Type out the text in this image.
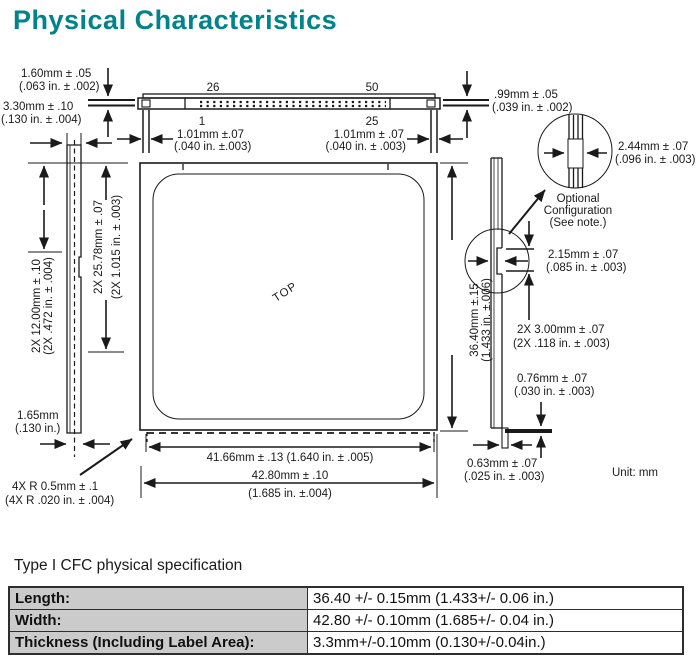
Physical Characteristics
26	50
1	25
1.60mm ± .05
(.063 in. ± .002)
.99mm ± .05
(.039 in. ± .002)
1.01mm ±.07
(.040 in. ±.003)
1.01mm ± .07
(.040 in. ± .003)
3.30mm ± .10
(.130 in. ± .004)
2X 12.00mm ± .10 (2X .472 in. ± .004)
2X 25.78mm ± .07 (2X 1.015 in. ± .003)	TOP	36.40mm ±.15 (1.433 in. ±.006)
41.66mm ± .13 (1.640 in. ± .005)
42.80mm ± .10
(1.685 in. ±.004)
1.65mm
(.130 in.)
4X R 0.5mm ± .1
(4X R .020 in. ± .004)
2.15mm ± .07
(.085 in. ± .003)
2X 3.00mm ± .07
(2X .118 in. ± .003)
2.44mm ± .07
(.096 in. ± .003)
Optional
Configuration
(See note.)
0.76mm ± .07
(.030 in. ± .003)
0.63mm ± .07
(.025 in. ± .003)	Unit: mm
Type I CFC physical specification
Length:	36.40 +/- 0.15mm (1.433+/- 0.06 in.)
Width:	42.80 +/- 0.10mm (1.685+/- 0.04 in.)
Thickness (Including Label Area):	3.3mm+/-0.10mm (0.130+/-0.04in.)
